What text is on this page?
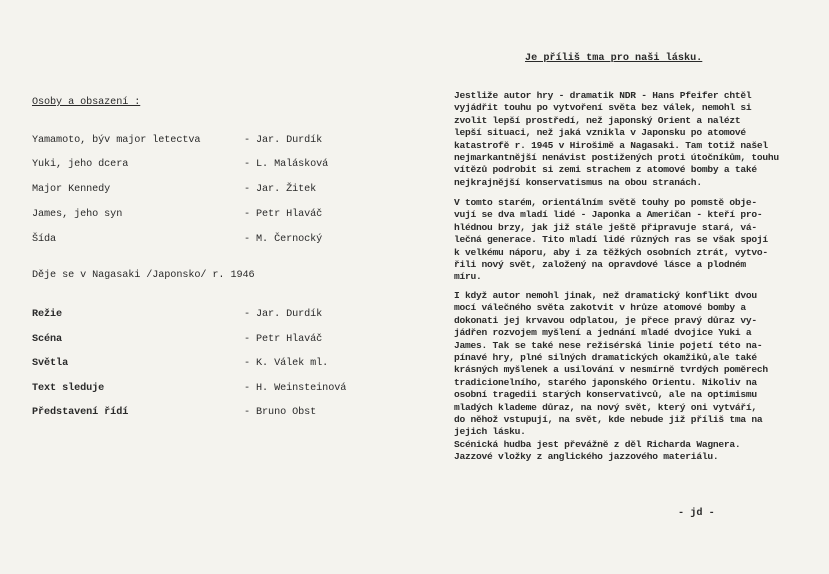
Osoby a obsazení :
Yamamoto, býv major letectva	- Jar. Durdík
Yuki, jeho dcera	- L. Malásková
Major Kennedy	- Jar. Žitek
James, jeho syn	- Petr Hlaváč
Šída	- M. Černocký
Děje se v Nagasaki /Japonsko/ r. 1946
Režie	- Jar. Durdík
Scéna	- Petr Hlaváč
Světla	- K. Válek ml.
Text sleduje	- H. Weinsteinová
Představení řídí	- Bruno Obst
Je příliš tma pro naši lásku.
Jestliže autor hry - dramatik NDR - Hans Pfeifer chtěl
vyjádřit touhu po vytvoření světa bez válek, nemohl si
zvolit lepší prostředí, než japonský Orient a nalézt
lepší situaci, než jaká vznikla v Japonsku po atomové
katastrofě r. 1945 v Hirošimě a Nagasaki. Tam totiž našel
nejmarkantnější nenávist postižených proti útočníkům, touhu
vítězů podrobit si zemi strachem z atomové bomby a také
nejkrajnější konservatismus na obou stranách.
V tomto starém, orientálním světě touhy po pomstě obje-
vují se dva mladí lidé - Japonka a Američan - kteří pro-
hlédnou brzy, jak již stále ještě připravuje stará, vá-
lečná generace. Tito mladí lidé různých ras se však spojí
k velkému náporu, aby i za těžkých osobních ztrát, vytvo-
řili nový svět, založený na opravdové lásce a plodném
míru.
I když autor nemohl jinak, než dramatický konflikt dvou
mocí válečného světa zakotvit v hrůze atomové bomby a
dokonati jej krvavou odplatou, je přece pravý důraz vy-
jádřen rozvojem myšlení a jednání mladé dvojice Yuki a
James. Tak se také nese režisérská linie pojetí této na-
pínavé hry, plné silných dramatických okamžiků,ale také
krásných myšlenek a usilování v nesmírně tvrdých poměrech
tradicionelního, starého japonského Orientu. Nikoliv na
osobní tragedii starých konservativců, ale na optimismu
mladých klademe důraz, na nový svět, který oni vytváří,
do něhož vstupují, na svět, kde nebude již příliš tma na
jejich lásku.
Scénická hudba jest převážně z děl Richarda Wagnera.
Jazzové vložky z anglického jazzového materiálu.
- jd -
